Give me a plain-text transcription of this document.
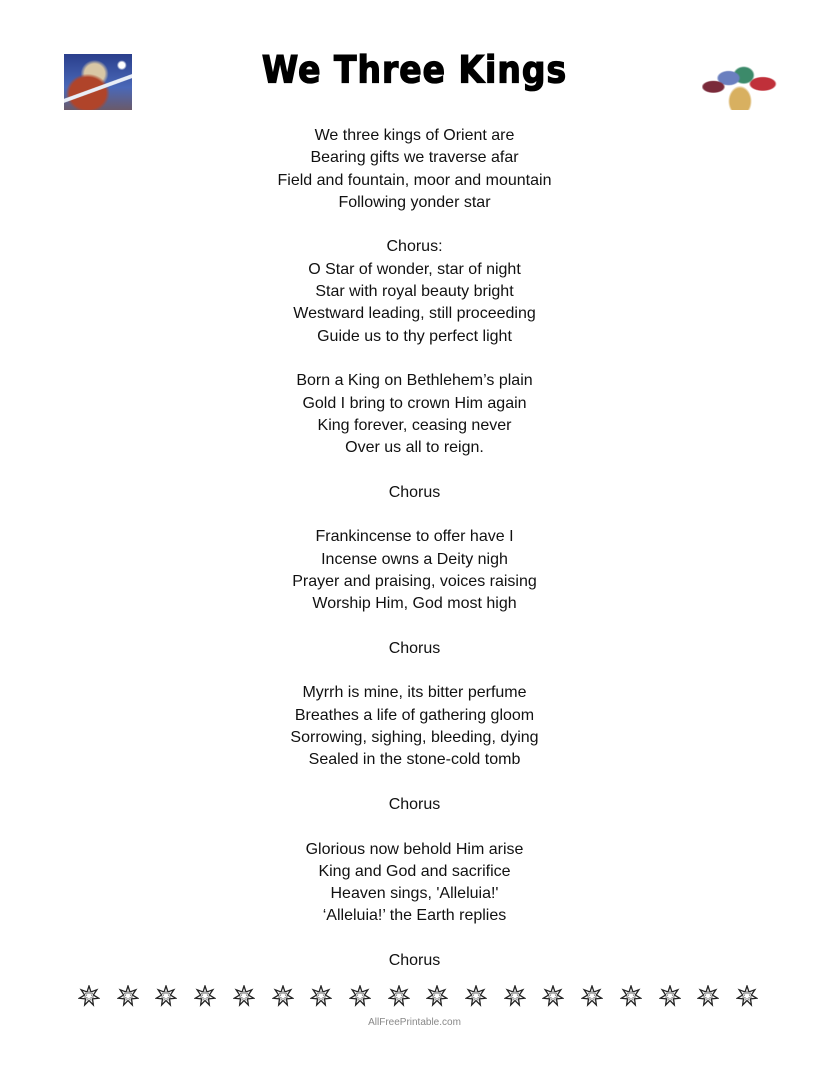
We Three Kings
We three kings of Orient are
Bearing gifts we traverse afar
Field and fountain, moor and mountain
Following yonder star
Chorus:
O Star of wonder, star of night
Star with royal beauty bright
Westward leading, still proceeding
Guide us to thy perfect light
Born a King on Bethlehem’s plain
Gold I bring to crown Him again
King forever, ceasing never
Over us all to reign.
Chorus
Frankincense to offer have I
Incense owns a Deity nigh
Prayer and praising, voices raising
Worship Him, God most high
Chorus
Myrrh is mine, its bitter perfume
Breathes a life of gathering gloom
Sorrowing, sighing, bleeding, dying
Sealed in the stone-cold tomb
Chorus
Glorious now behold Him arise
King and God and sacrifice
Heaven sings, 'Alleluia!'
‘Alleluia!’ the Earth replies
Chorus
AllFreePrintable.com
